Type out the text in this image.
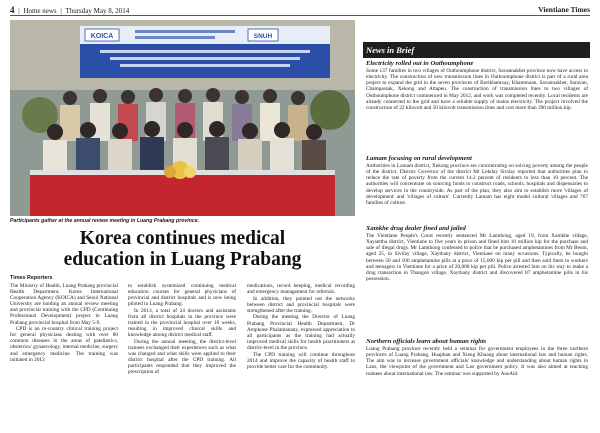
4 | Home news | Thursday May 8, 2014	Vientiane Times
KOICA	SNUH
Participants gather at the annual review meeting in Luang Prabang province.
Korea continues medical
education in Luang Prabang
Times Reporters

The Ministry of Health, Luang Prabang provincial Health Department, Korea International Cooperation Agency (KOICA) and Seoul National University are holding an annual review meeting and provincial training with the CPD (Continuing Professional Development) project in Luang Prabang provincial hospital from May 5-9.

CPD is an in-country clinical training project for general physicians dealing with over 80 common diseases in the areas of paediatrics, obstetrics/ gynaecology, internal medicine, surgery and emergency medicine. The training was initiated in 2012

to establish systemized continuing medical education courses for general physicians of provincial and district hospitals and is now being piloted in Luang Prabang.

In 2013, a total of 24 doctors and assistants from all district hospitals in the province were trained in the provincial hospital over 10 weeks, resulting in improved clinical skills and knowledge among district medical staff.

During the annual meeting, the district-level trainees exchanged their experiences such as what was changed and what skills were applied to their district hospital after the CPD training. All participants responded that they improved the prescription of

medications, record keeping, medical recording and emergency management for referrals.

In addition, they pointed out the networks between district and provincial hospitals were strengthened after the training.

During the meeting the Director of Luang Prabang Provincial Health Department, Dr Amphone Phalamanany, expressed appreciation to all participants as the training had actually improved medical skills for health practitioners at district-level in the province.

The CPD training will continue throughout 2014 and improve the capacity of health staff to provide better care for the community.

News in Brief
Electricity rolled out in Outhoumphone
Some 137 families in two villages of Outhoumphone district, Savannakhet province now have access to electricity. The construction of new transmission lines in Outhoumphone district is part of a rural area project to expand the grid in the seven provinces of Borikhamxay, Khammuan, Savannakhet, Saravan, Champassak, Xekong and Attapeu. The construction of transmission lines to two villages of Outhoumphone district commenced in May 2012, and work was completed recently. Local residents are already connected to the grid and have a reliable supply of mains electricity. The project involved the construction of 22 kilovolt and 50 kilovolt transmission lines and cost more than 390 million kip.
Lamam focusing on rural development
Authorities in Lamam district, Xekong province are concentrating on solving poverty among the people of the district. District Governor of the district Mr Lekday Sivilay reported that authorities plan to reduce the rate of poverty from the current 14.2 percent of residents to less than 10 percent. The authorities will concentrate on sourcing funds to construct roads, schools, hospitals and dispensaries to develop services in the countryside. As part of the plan, they also aim to establish more 'villages of development' and 'villages of culture'. Currently Lamam has eight model cultural villages and 767 families of culture.
Xamkhe drug dealer fined and jailed
The Vientiane People's Court recently sentenced Mr Lamthong, aged 19, from Xamkhe village, Xaysettha district, Vientiane to five years in prison and fined him 10 million kip for the purchase and sale of illegal drugs. Mr Lamthong confessed to police that he purchased amphetamines from Mr Beum, aged 25, in Sivilay village, Xaythany district, Vientiane on many occasions. Typically, he bought between 50 and 100 amphetamine pills at a price of 15,000 kip per pill and then sold them to workers and teenagers in Vientiane for a price of 20,000 kip per pill. Police arrested him on his way to make a drug transaction in Thangon village, Xaythany district and discovered 87 amphetamine pills in his possession.
Northern officials learn about human rights
Luang Prabang province recently held a seminar for government employees in the three northern provinces of Luang Prabang, Huaphan and Xieng Khuang about international law and human rights. The aim was to increase government officials' knowledge and understanding about human rights in Laos, the viewpoint of the government and Lao government policy. It was also aimed at teaching trainees about international law. The seminar was supported by AusAid.
